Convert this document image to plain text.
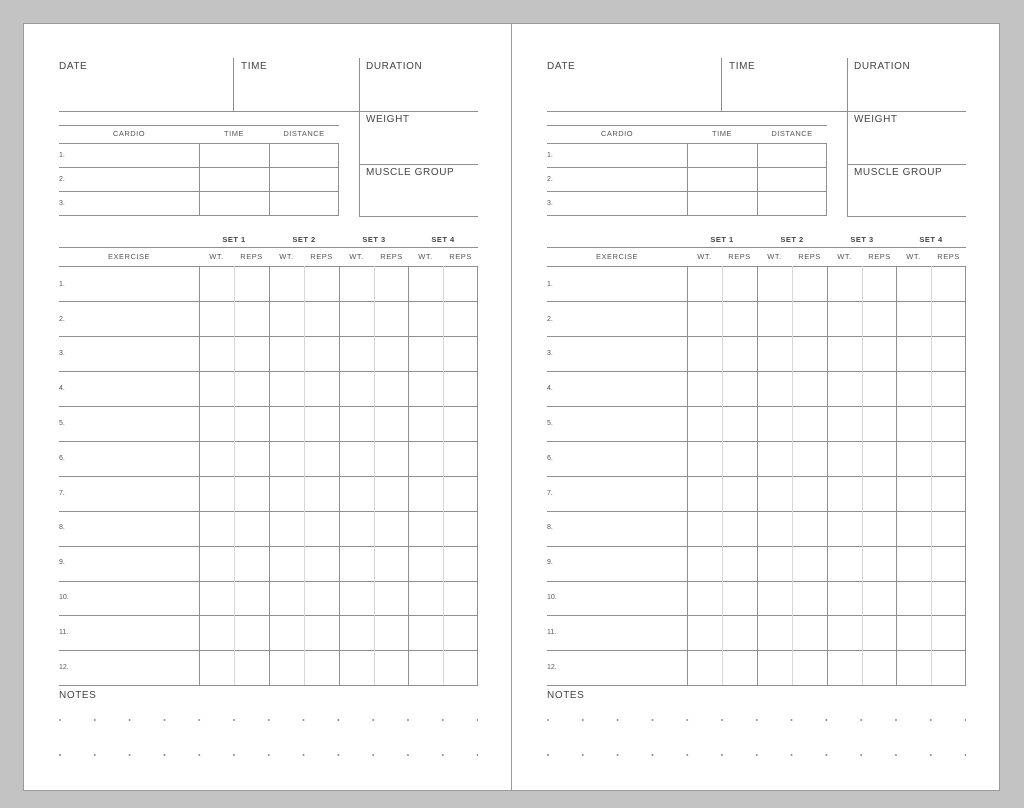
DATE	TIME	DURATION
WEIGHT
MUSCLE GROUP
CARDIO	TIME	DISTANCE
1.
2.
3.
SET 1	SET 2	SET 3	SET 4
EXERCISE	WT.	REPS	WT.	REPS	WT.	REPS	WT.	REPS
1.
2.
3.
4.
5.
6.
7.
8.
9.
10.
11.
12.
NOTES
DATE	TIME	DURATION
WEIGHT
MUSCLE GROUP
CARDIO	TIME	DISTANCE
1.
2.
3.
SET 1	SET 2	SET 3	SET 4
EXERCISE	WT.	REPS	WT.	REPS	WT.	REPS	WT.	REPS
1.
2.
3.
4.
5.
6.
7.
8.
9.
10.
11.
12.
NOTES
